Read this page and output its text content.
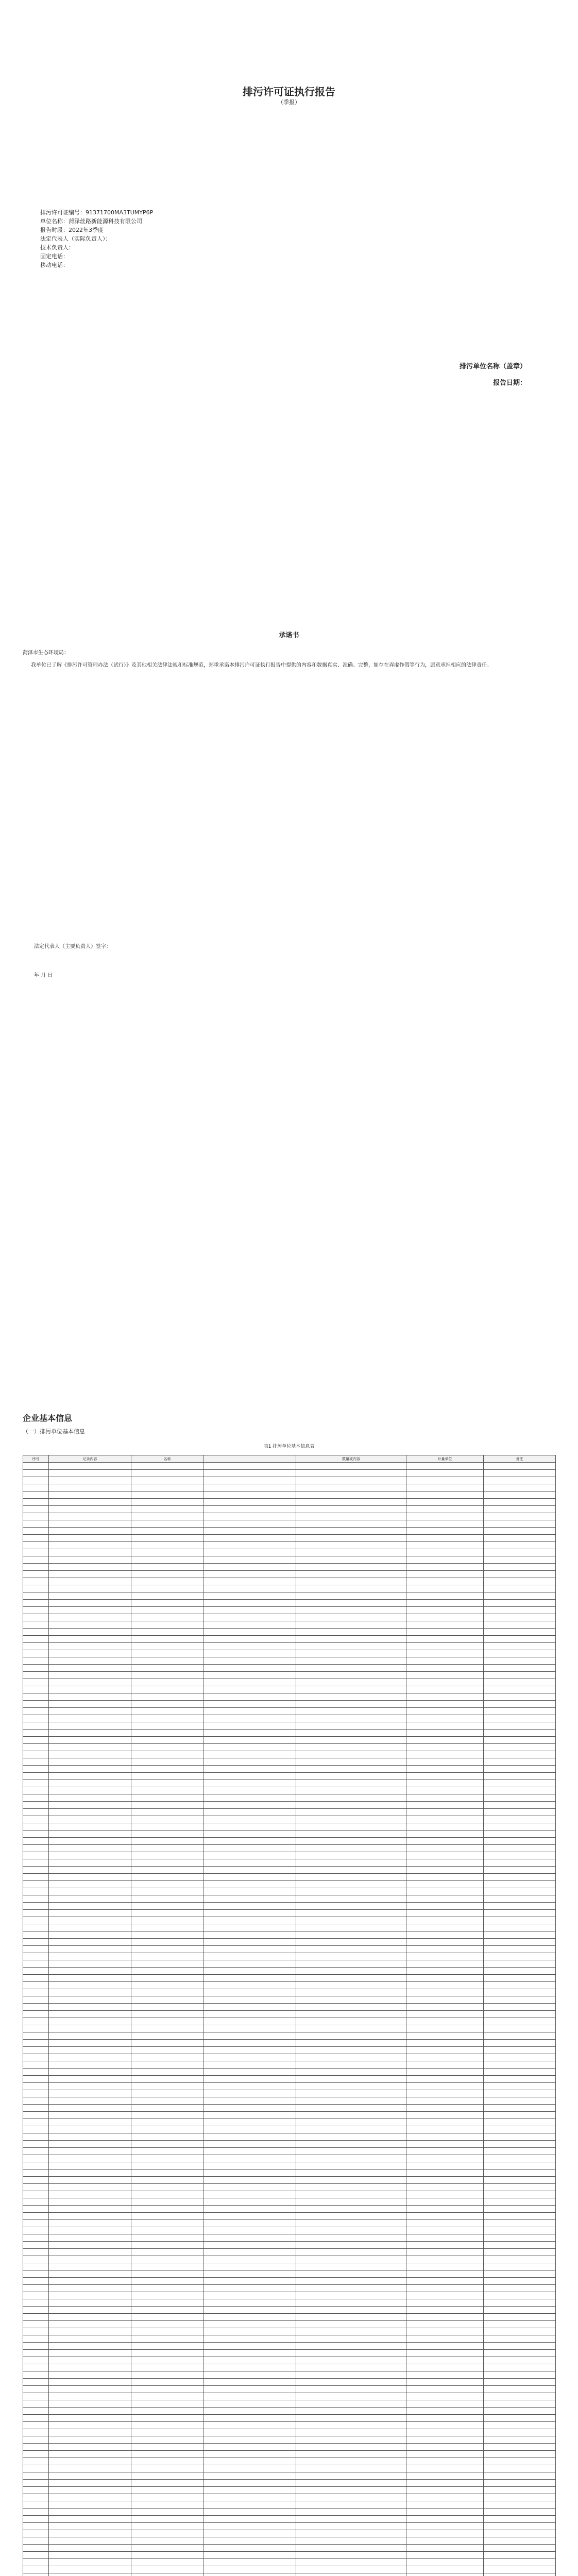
排污许可证执行报告
（季报）
排污许可证编号：91371700MA3TUMYP6P
单位名称：菏泽丝路新能源科技有限公司
报告时段：2022年3季度
法定代表人（实际负责人）：
技术负责人：
固定电话：
移动电话：
排污单位名称（盖章）
报告日期：
承诺书
菏泽市生态环境局：
我单位已了解《排污许可管理办法（试行）》及其他相关法律法规和标准规范，郑重承诺本排污许可证执行报告中提供的内容和数据真实、准确、完整，如存在弄虚作假等行为，愿意承担相应的法律责任。
法定代表人（主要负责人）签字：
年 月 日
企业基本信息
（一）排污单位基本信息
表1 排污单位基本信息表
序号	记录内容	名称		数量或内容	计量单位	备注
